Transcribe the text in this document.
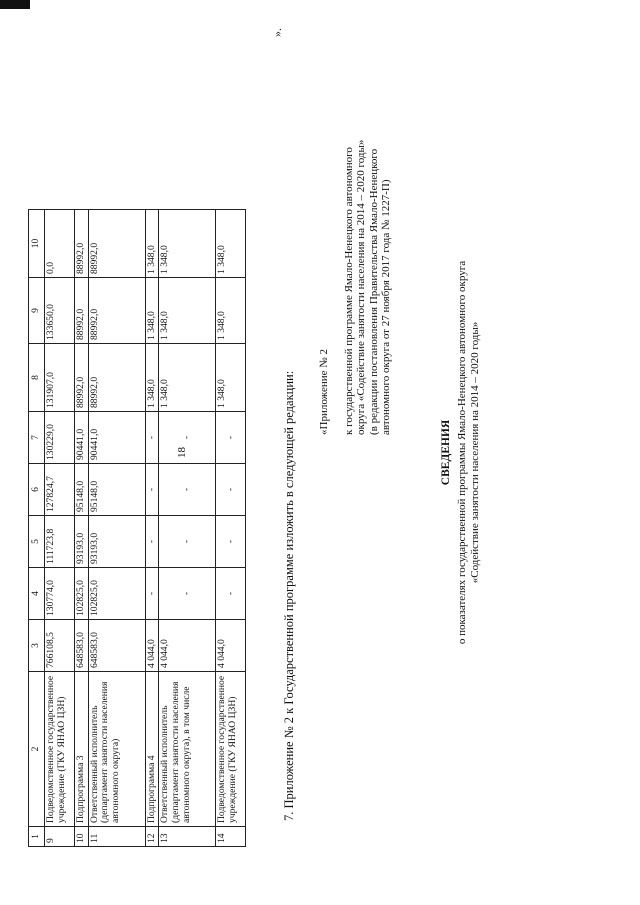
18
1	2	3	4	5	6	7	8	9	10
9	Подведомственное государственное учреждение (ГКУ ЯНАО ЦЗН)	766108,5	130774,0	111723,8	127824,7	130229,0	131907,0	133650,0	0,0
10	Подпрограмма 3	648583,0	102825,0	93193,0	95148,0	90441,0	88992,0	88992,0	88992,0
11	Ответственный исполнитель (департамент занятости населения автономного округа)	648583,0	102825,0	93193,0	95148,0	90441,0	88992,0	88992,0	88992,0
12	Подпрограмма 4	4 044,0	-	-	-	-	1 348,0	1 348,0	1 348,0
13	Ответственный исполнитель (департамент занятости населения автономного округа), в том числе	4 044,0	-	-	-	-	1 348,0	1 348,0	1 348,0
14	Подведомственное государственное учреждение (ГКУ ЯНАО ЦЗН)	4 044,0	-	-	-	-	1 348,0	1 348,0	1 348,0
».
7. Приложение № 2 к Государственной программе изложить в следующей редакции: «Приложение № 2 к государственной программе Ямало-Ненецкого автономного округа «Содействие занятости населения на 2014 – 2020 годы» (в редакции постановления Правительства Ямало-Ненецкого автономного округа от 27 ноября 2017 года № 1227-П)
СВЕДЕНИЯ о показателях государственной программы Ямало-Ненецкого автономного округа «Содействие занятости населения на 2014 – 2020 годы»
